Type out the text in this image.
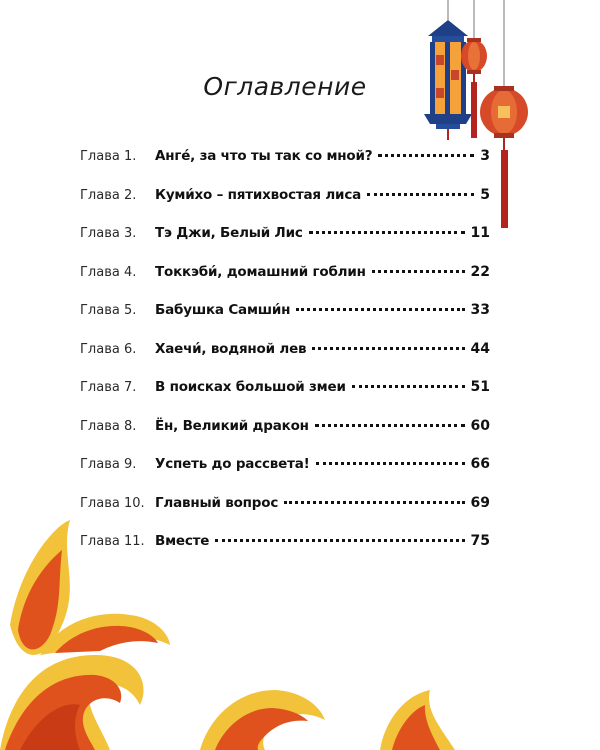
Оглавление
Глава 1.	Анге́, за что ты так со мной?	3
Глава 2.	Куми́хо – пятихвостая лиса	5
Глава 3.	Тэ Джи, Белый Лис	11
Глава 4.	Токкэби́, домашний гоблин	22
Глава 5.	Бабушка Самши́н	33
Глава 6.	Хаечи́, водяной лев	44
Глава 7.	В поисках большой змеи	51
Глава 8.	Ён, Великий дракон	60
Глава 9.	Успеть до рассвета!	66
Глава 10. Главный вопрос	69
Глава 11. Вместе	75
